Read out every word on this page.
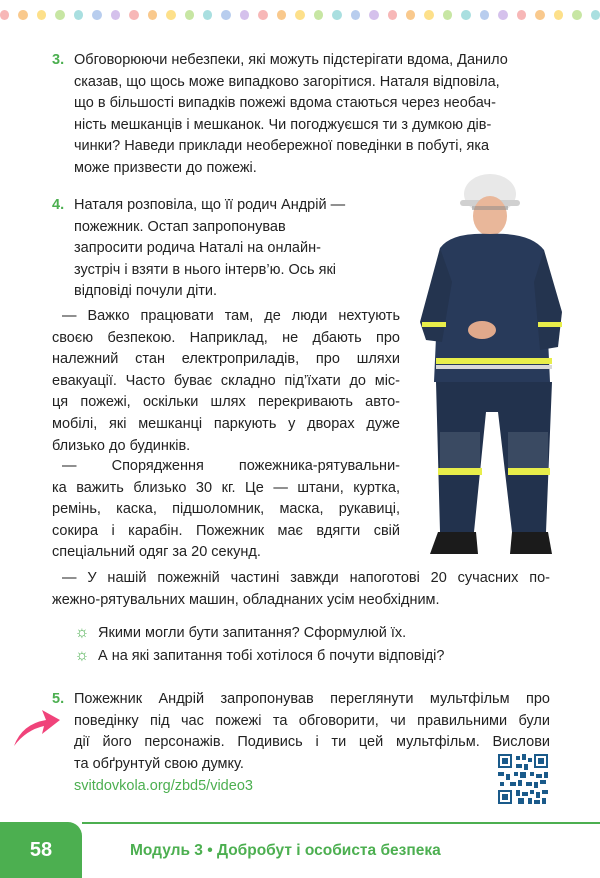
3. Обговорюючи небезпеки, які можуть підстерігати вдома, Данило
сказав, що щось може випадково загорітися. Наталя відповіла,
що в більшості випадків пожежі вдома стаються через необач-
ність мешканців і мешканок. Чи погоджуєшся ти з думкою дів-
чинки? Наведи приклади необережної поведінки в побуті, яка
може призвести до пожежі.
4. Наталя розповіла, що її родич Андрій —
пожежник. Остап запропонував
запросити родича Наталі на онлайн-
зустріч і взяти в нього інтерв’ю. Ось які
відповіді почули діти.
— Важко працювати там, де люди нехтують
своєю безпекою. Наприклад, не дбають про
належний стан електроприладів, про шляхи
евакуації. Часто буває складно під’їхати до міс-
ця пожежі, оскільки шлях перекривають авто-
мобілі, які мешканці паркують у дворах дуже
близько до будинків.
— Спорядження пожежника-рятувальни-
ка важить близько 30 кг. Це — штани, куртка,
ремінь, каска, підшоломник, маска, рукавиці,
сокира і карабін. Пожежник має вдягти свій
спеціальний одяг за 20 секунд.
— У нашій пожежній частині завжди напоготові 20 сучасних по-
жежно-рятувальних машин, обладнаних усім необхідним.
☼ Якими могли бути запитання? Сформулюй їх.
☼ А на які запитання тобі хотілося б почути відповіді?
5. Пожежник Андрій запропонував переглянути мультфільм про
поведінку під час пожежі та обговорити, чи правильними були
дії його персонажів. Подивись і ти цей мультфільм. Вислови
та обґрунтуй свою думку.
svitdovkola.org/zbd5/video3
58	Модуль 3 • Добробут і особиста безпека
